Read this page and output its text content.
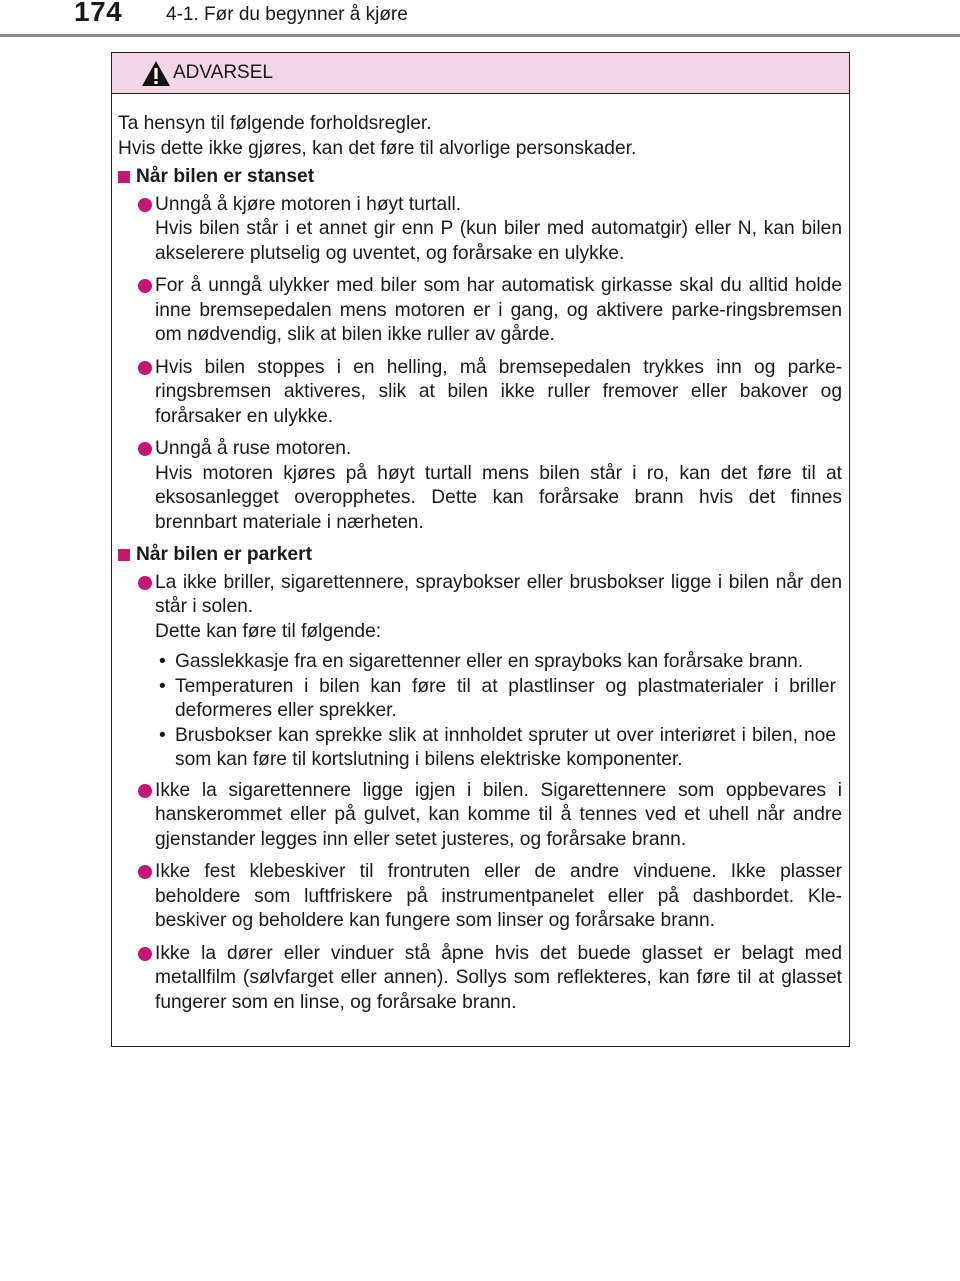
174 4-1. Før du begynner å kjøre
ADVARSEL
Ta hensyn til følgende forholdsregler.
Hvis dette ikke gjøres, kan det føre til alvorlige personskader.
Når bilen er stanset
Unngå å kjøre motoren i høyt turtall.
Hvis bilen står i et annet gir enn P (kun biler med automatgir) eller N, kan bilen akselerere plutselig og uventet, og forårsake en ulykke.
For å unngå ulykker med biler som har automatisk girkasse skal du alltid holde inne bremsepedalen mens motoren er i gang, og aktivere parke-ringsbremsen om nødvendig, slik at bilen ikke ruller av gårde.
Hvis bilen stoppes i en helling, må bremsepedalen trykkes inn og parke-ringsbremsen aktiveres, slik at bilen ikke ruller fremover eller bakover og forårsaker en ulykke.
Unngå å ruse motoren.
Hvis motoren kjøres på høyt turtall mens bilen står i ro, kan det føre til at eksosanlegget overopphetes. Dette kan forårsake brann hvis det finnes brennbart materiale i nærheten.
Når bilen er parkert
La ikke briller, sigarettennere, spraybokser eller brusbokser ligge i bilen når den står i solen.
Dette kan føre til følgende:
• Gasslekkasje fra en sigarettenner eller en sprayboks kan forårsake brann.
• Temperaturen i bilen kan føre til at plastlinser og plastmaterialer i briller deformeres eller sprekker.
• Brusbokser kan sprekke slik at innholdet spruter ut over interiøret i bilen, noe som kan føre til kortslutning i bilens elektriske komponenter.
Ikke la sigarettennere ligge igjen i bilen. Sigarettennere som oppbevares i hanskerommet eller på gulvet, kan komme til å tennes ved et uhell når andre gjenstander legges inn eller setet justeres, og forårsake brann.
Ikke fest klebeskiver til frontruten eller de andre vinduene. Ikke plasser beholdere som luftfriskere på instrumentpanelet eller på dashbordet. Kle-beskiver og beholdere kan fungere som linser og forårsake brann.
Ikke la dører eller vinduer stå åpne hvis det buede glasset er belagt med metallfilm (sølvfarget eller annen). Sollys som reflekteres, kan føre til at glasset fungerer som en linse, og forårsake brann.
